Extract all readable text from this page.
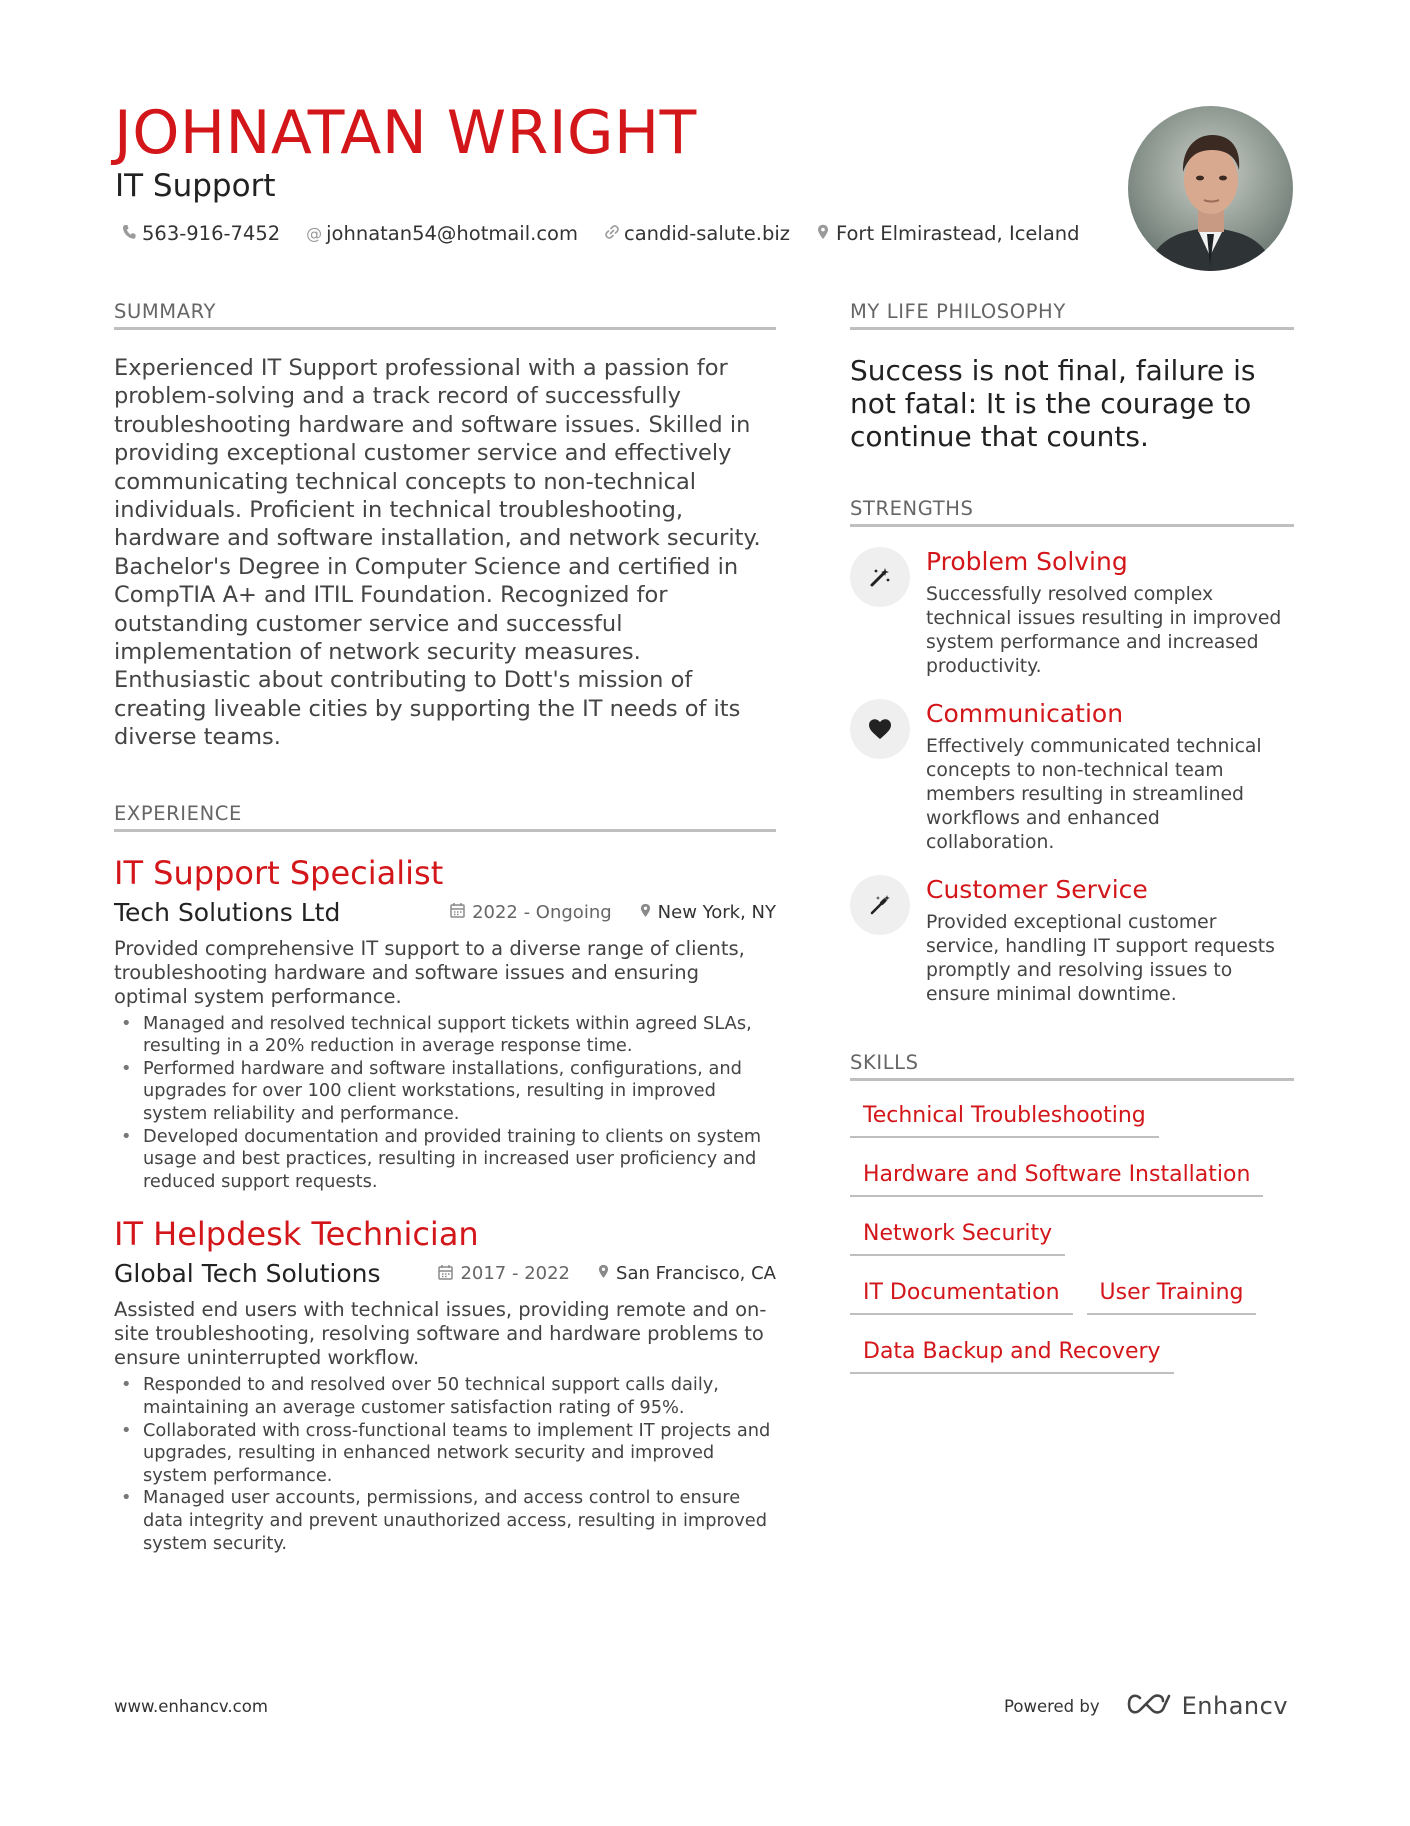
JOHNATAN WRIGHT
IT Support
563-916-7452 @ johnatan54@hotmail.com candid-salute.biz Fort Elmirastead, Iceland
SUMMARY

Experienced IT Support professional with a passion for problem-solving and a track record of successfully troubleshooting hardware and software issues. Skilled in providing exceptional customer service and effectively communicating technical concepts to non-technical individuals. Proficient in technical troubleshooting, hardware and software installation, and network security. Bachelor's Degree in Computer Science and certified in CompTIA A+ and ITIL Foundation. Recognized for outstanding customer service and successful implementation of network security measures. Enthusiastic about contributing to Dott's mission of creating liveable cities by supporting the IT needs of its diverse teams.

EXPERIENCE
IT Support Specialist
Tech Solutions Ltd	2022 - Ongoing	New York, NY

Provided comprehensive IT support to a diverse range of clients, troubleshooting hardware and software issues and ensuring optimal system performance.

• Managed and resolved technical support tickets within agreed SLAs, resulting in a 20% reduction in average response time.
• Performed hardware and software installations, configurations, and upgrades for over 100 client workstations, resulting in improved system reliability and performance.
• Developed documentation and provided training to clients on system usage and best practices, resulting in increased user proficiency and reduced support requests.
IT Helpdesk Technician
Global Tech Solutions	2017 - 2022	San Francisco, CA

Assisted end users with technical issues, providing remote and on-site troubleshooting, resolving software and hardware problems to ensure uninterrupted workflow.

• Responded to and resolved over 50 technical support calls daily, maintaining an average customer satisfaction rating of 95%.
• Collaborated with cross-functional teams to implement IT projects and upgrades, resulting in enhanced network security and improved system performance.
• Managed user accounts, permissions, and access control to ensure data integrity and prevent unauthorized access, resulting in improved system security.
MY LIFE PHILOSOPHY

Success is not final, failure is not fatal: It is the courage to continue that counts.

STRENGTHS
Problem Solving

Successfully resolved complex technical issues resulting in improved system performance and increased productivity.

Communication

Effectively communicated technical concepts to non-technical team members resulting in streamlined workflows and enhanced collaboration.

Customer Service

Provided exceptional customer service, handling IT support requests promptly and resolving issues to ensure minimal downtime.

SKILLS
Technical Troubleshooting
Hardware and Software Installation
Network Security
IT Documentation	User Training
Data Backup and Recovery
www.enhancv.com	Powered by	Enhancv
